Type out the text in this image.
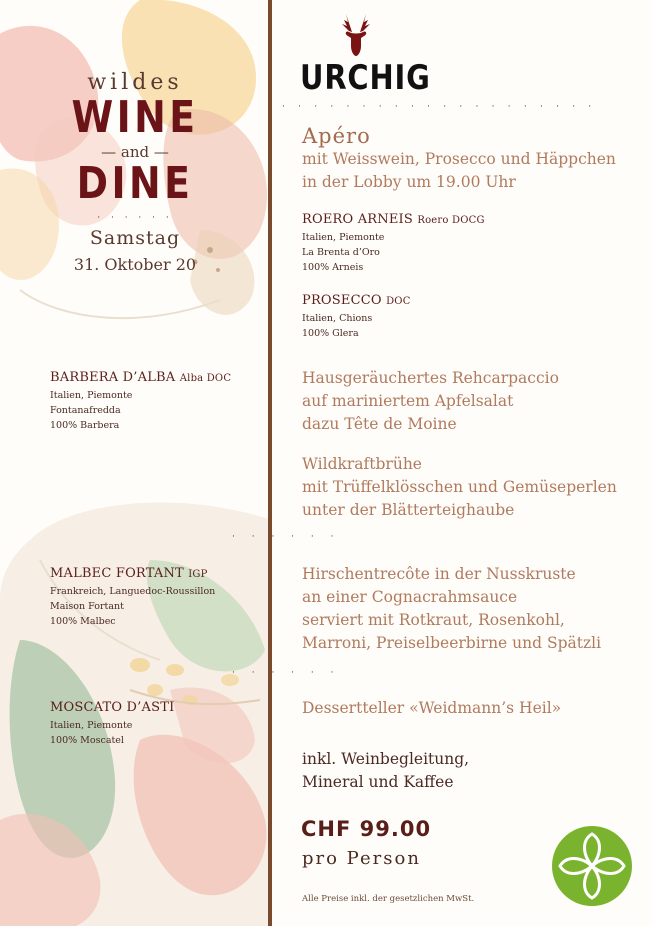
wildes
WINE
— and —
DINE
· · · · · ·
Samstag
31. Oktober 20
BARBERA D’ALBA Alba DOC
Italien, Piemonte
Fontanafredda
100% Barbera
MALBEC FORTANT IGP
Frankreich, Languedoc-Roussillon
Maison Fortant
100% Malbec
MOSCATO D’ASTI
Italien, Piemonte
100% Moscatel
URCHIG
· · · · · · · · · · · · · · · · · · · ·
Apéro
mit Weisswein, Prosecco und Häppchen
in der Lobby um 19.00 Uhr
ROERO ARNEIS Roero DOCG
Italien, Piemonte
La Brenta d’Oro
100% Arneis
PROSECCO DOC
Italien, Chions
100% Glera
Hausgeräuchertes Rehcarpaccio
auf mariniertem Apfelsalat
dazu Tête de Moine
Wildkraftbrühe
mit Trüffelklösschen und Gemüseperlen
unter der Blätterteighaube
· · · · · ·
Hirschentrecôte in der Nusskruste
an einer Cognacrahmsauce
serviert mit Rotkraut, Rosenkohl,
Marroni, Preiselbeerbirne und Spätzli
· · · · · ·
Dessertteller «Weidmann’s Heil»
inkl. Weinbegleitung,
Mineral und Kaffee
CHF 99.00
pro Person
Alle Preise inkl. der gesetzlichen MwSt.
